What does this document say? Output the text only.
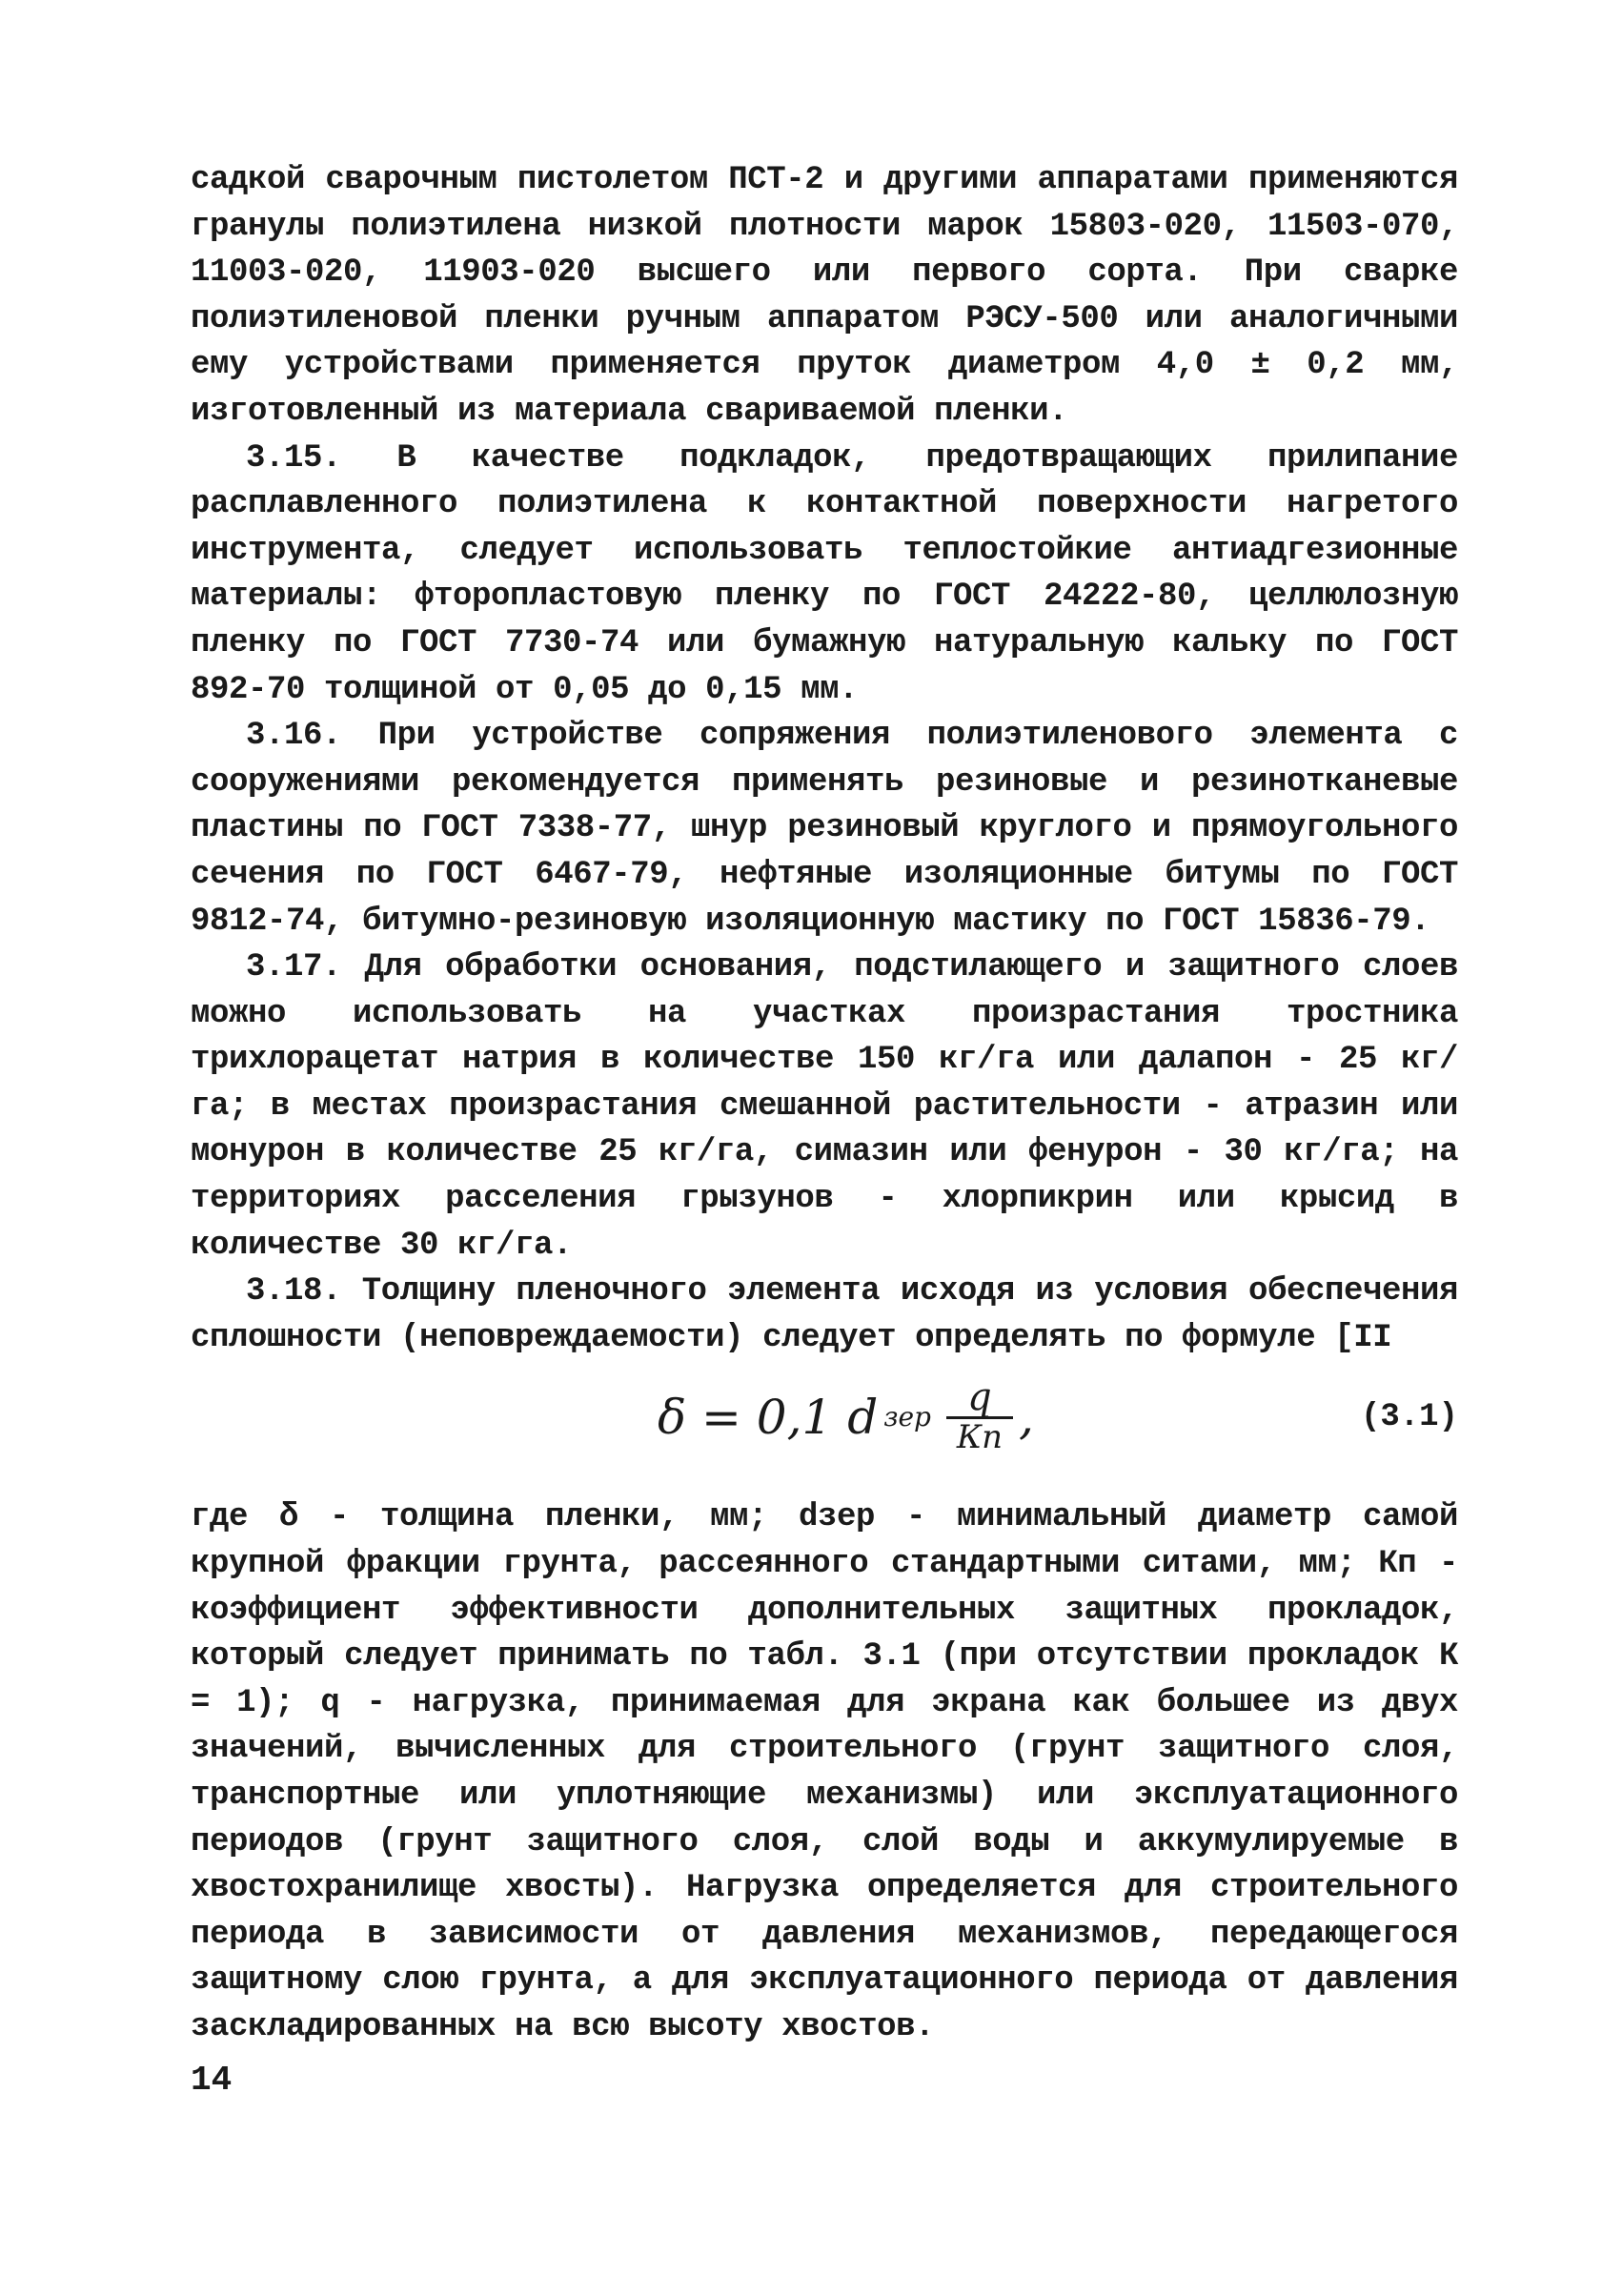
садкой сварочным пистолетом ПСТ-2 и другими аппаратами применяются гранулы полиэтилена низкой плотности марок 15803-020, 11503-070, 11003-020, 11903-020 высшего или первого сорта. При сварке полиэтиленовой пленки ручным аппаратом РЭСУ-500 или аналогичными ему устройствами применяется пруток диаметром 4,0 ± 0,2 мм, изготовленный из материала свариваемой пленки.

3.15. В качестве подкладок, предотвращающих прилипание расплавленного полиэтилена к контактной поверхности нагретого инструмента, следует использовать теплостойкие антиадгезионные материалы: фторопластовую пленку по ГОСТ 24222-80, целлюлозную пленку по ГОСТ 7730-74 или бумажную натуральную кальку по ГОСТ 892-70 толщиной от 0,05 до 0,15 мм.

3.16. При устройстве сопряжения полиэтиленового элемента с сооружениями рекомендуется применять резиновые и резинотканевые пластины по ГОСТ 7338-77, шнур резиновый круглого и прямоугольного сечения по ГОСТ 6467-79, нефтяные изоляционные битумы по ГОСТ 9812-74, битумно-резиновую изоляционную мастику по ГОСТ 15836-79.

3.17. Для обработки основания, подстилающего и защитного слоев можно использовать на участках произрастания тростника трихлорацетат натрия в количестве 150 кг/га или далапон - 25 кг/га; в местах произрастания смешанной растительности - атразин или монурон в количестве 25 кг/га, симазин или фенурон - 30 кг/га; на территориях расселения грызунов - хлорпикрин или крысид в количестве 30 кг/га.

3.18. Толщину пленочного элемента исходя из условия обеспечения сплошности (неповреждаемости) следует определять по формуле [II

δ = 0,1 d зер $\frac{q}{Кп}$ ,	(3.1)

где δ - толщина пленки, мм; dзер - минимальный диаметр самой крупной фракции грунта, рассеянного стандартными ситами, мм; Кп - коэффициент эффективности дополнительных защитных прокладок, который следует принимать по табл. 3.1 (при отсутствии прокладок К = 1); q - нагрузка, принимаемая для экрана как большее из двух значений, вычисленных для строительного (грунт защитного слоя, транспортные или уплотняющие механизмы) или эксплуатационного периодов (грунт защитного слоя, слой воды и аккумулируемые в хвостохранилище хвосты). Нагрузка определяется для строительного периода в зависимости от давления механизмов, передающегося защитному слою грунта, а для эксплуатационного периода от давления заскладированных на всю высоту хвостов.

14
